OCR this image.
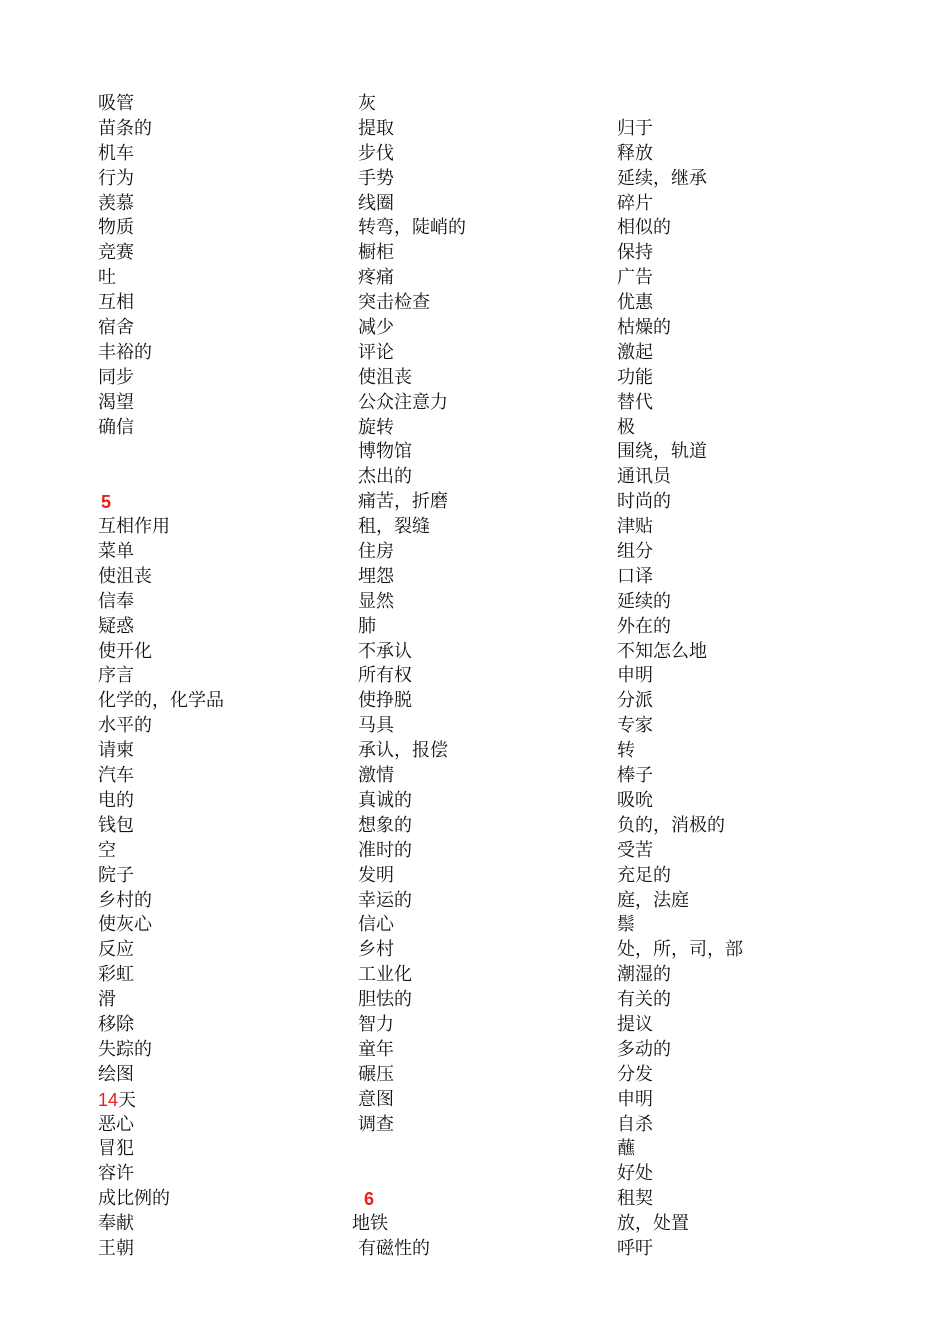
吸管
苗条的
机车
行为
羡慕
物质
竞赛
吐
互相
宿舍
丰裕的
同步
渴望
确信
5
互相作用
菜单
使沮丧
信奉
疑惑
使开化
序言
化学的，化学品
水平的
请柬
汽车
电的
钱包
空
院子
乡村的
使灰心
反应
彩虹
滑
移除
失踪的
绘图
14天
恶心
冒犯
容许
成比例的
奉献
王朝
灰
提取
步伐
手势
线圈
转弯，陡峭的
橱柜
疼痛
突击检查
减少
评论
使沮丧
公众注意力
旋转
博物馆
杰出的
痛苦，折磨
租，裂缝
住房
埋怨
显然
肺
不承认
所有权
使挣脱
马具
承认，报偿
激情
真诚的
想象的
准时的
发明
幸运的
信心
乡村
工业化
胆怯的
智力
童年
碾压
意图
调查
6
地铁
有磁性的
归于
释放
延续，继承
碎片
相似的
保持
广告
优惠
枯燥的
激起
功能
替代
极
围绕，轨道
通讯员
时尚的
津贴
组分
口译
延续的
外在的
不知怎么地
申明
分派
专家
转
棒子
吸吮
负的，消极的
受苦
充足的
庭，法庭
鬃
处，所，司，部
潮湿的
有关的
提议
多动的
分发
申明
自杀
蘸
好处
租契
放，处置
呼吁
